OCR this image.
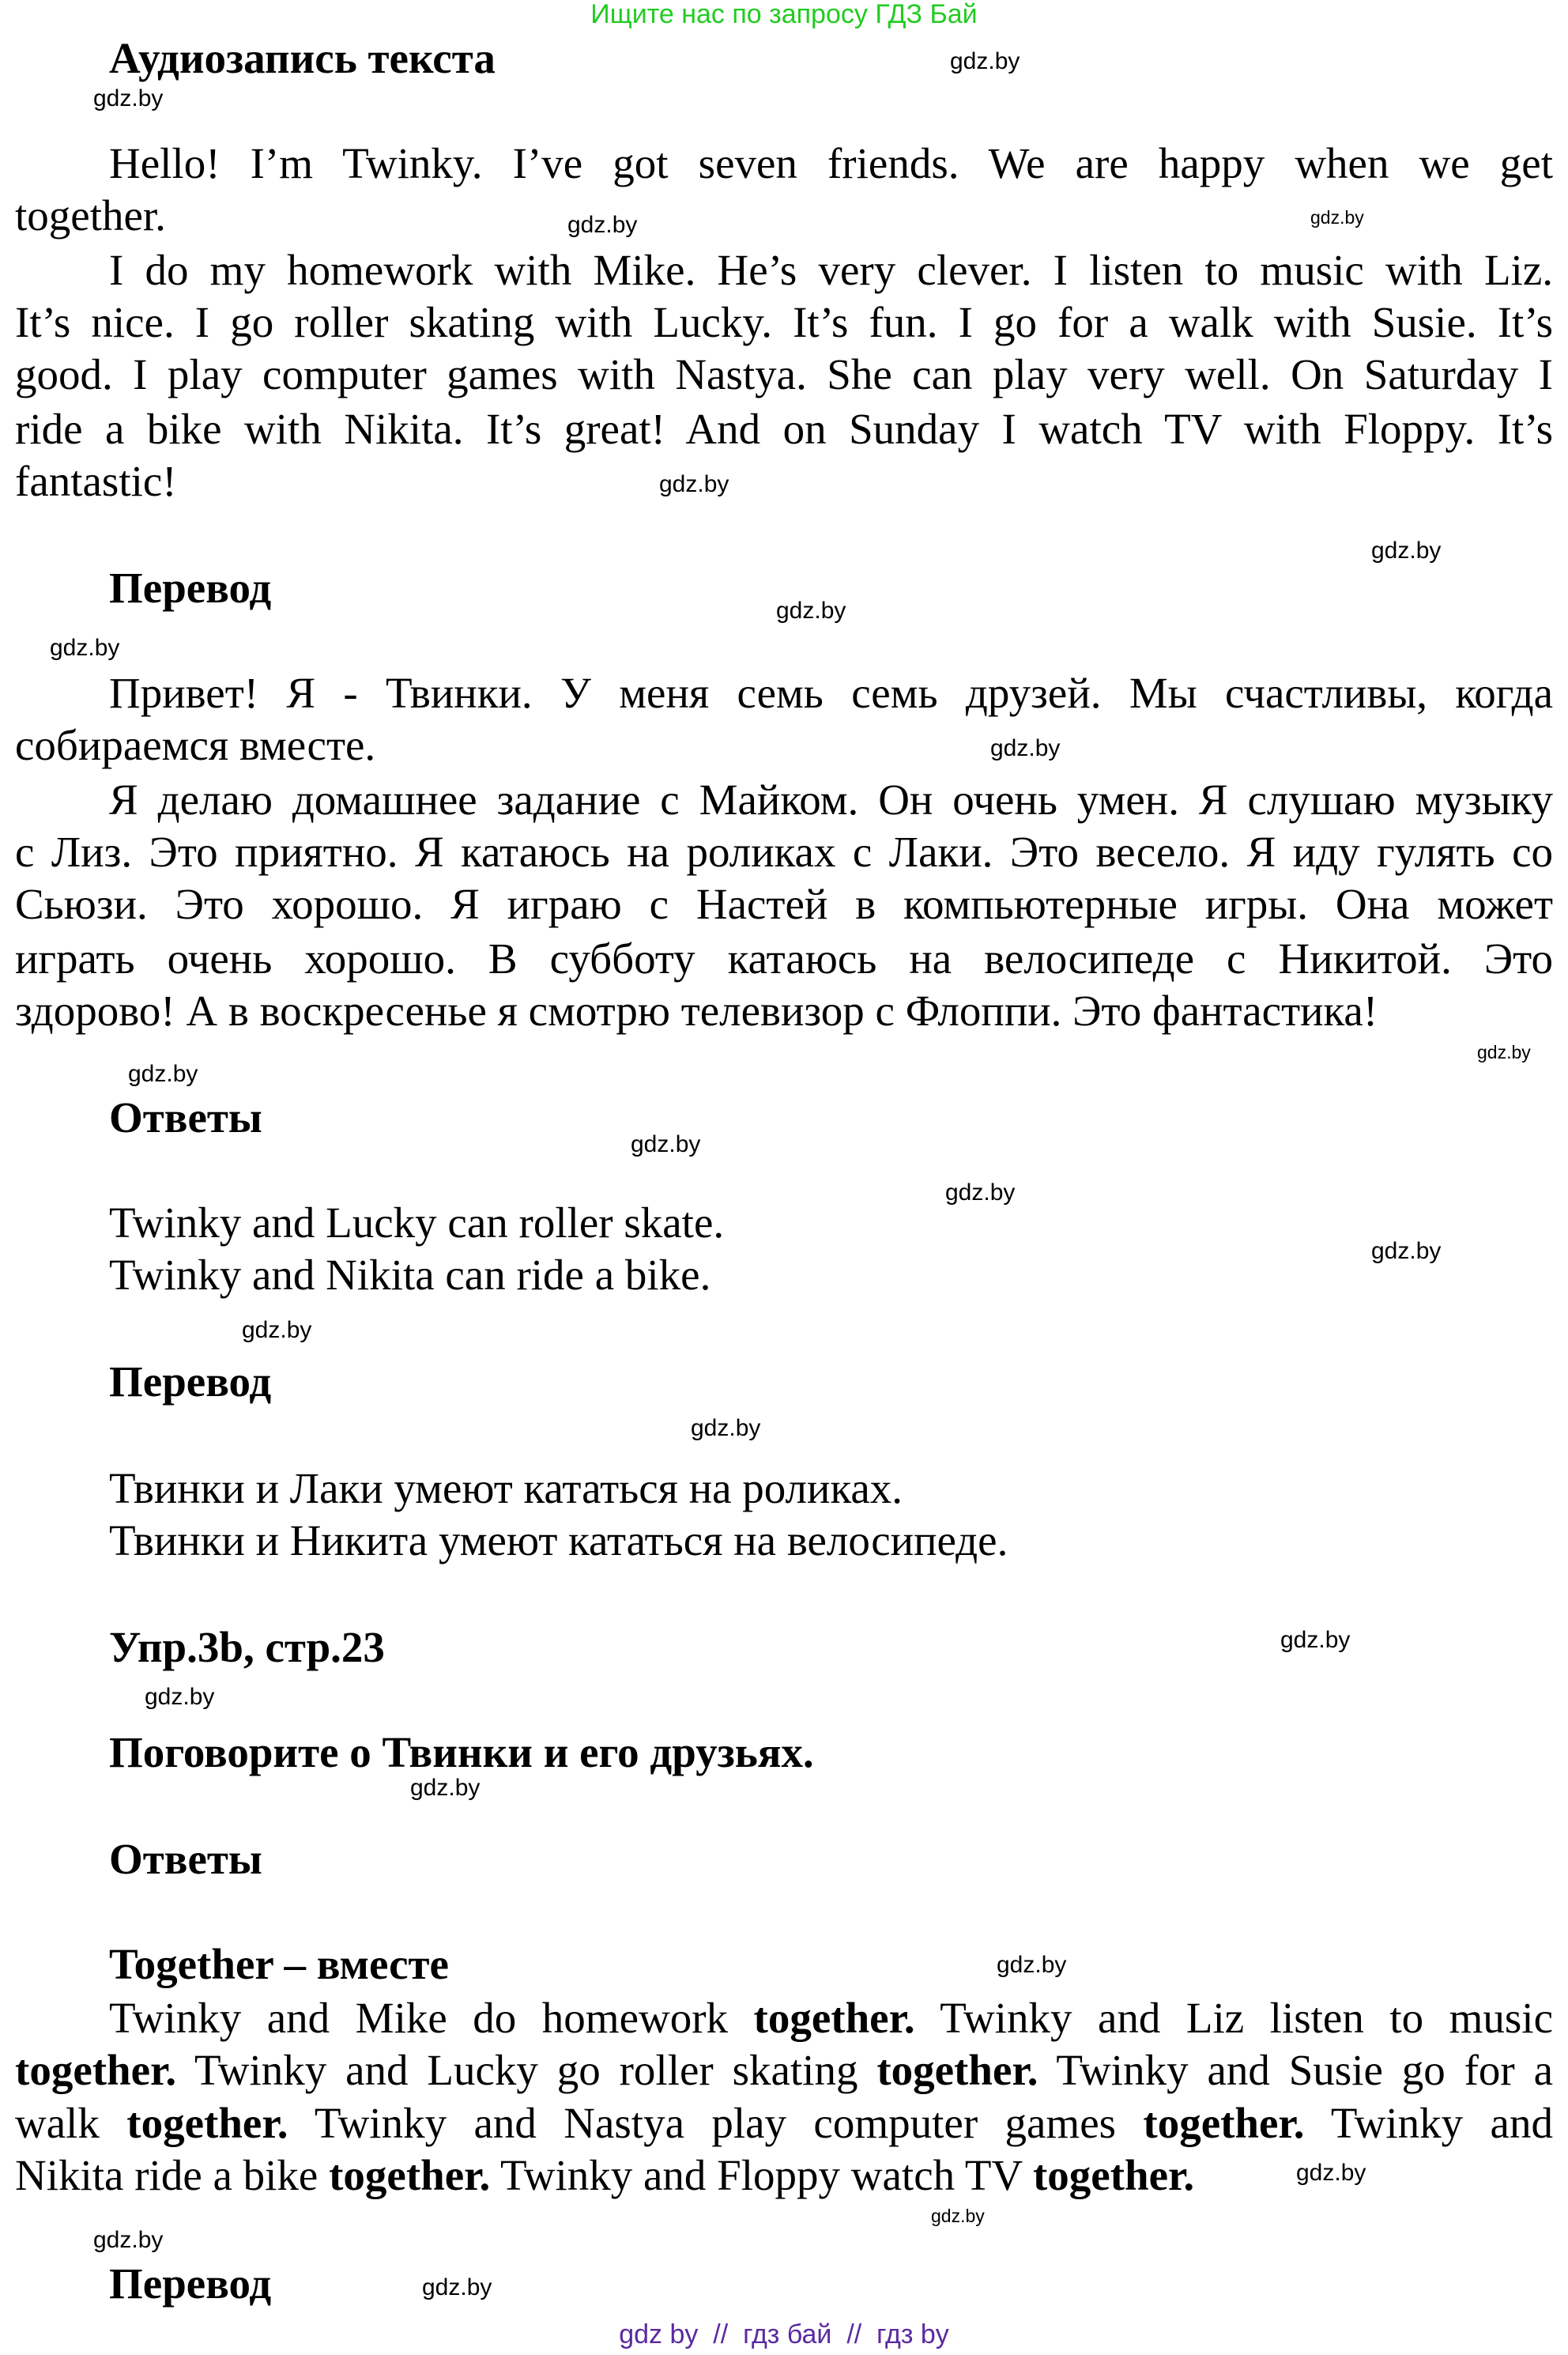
Ищите нас по запросу ГДЗ Бай
Аудиозапись текста
Hello! I’m Twinky. I’ve got seven friends. We are happy when we get
together.
I do my homework with Mike. He’s very clever. I listen to music with Liz.
It’s nice. I go roller skating with Lucky. It’s fun. I go for a walk with Susie. It’s
good. I play computer games with Nastya. She can play very well. On Saturday I
ride a bike with Nikita. It’s great! And on Sunday I watch TV with Floppy. It’s
fantastic!
Перевод
Привет! Я - Твинки. У меня семь семь друзей. Мы счастливы, когда
собираемся вместе.
Я делаю домашнее задание с Майком. Он очень умен. Я слушаю музыку
с Лиз. Это приятно. Я катаюсь на роликах с Лаки. Это весело. Я иду гулять со
Сьюзи. Это хорошо. Я играю с Настей в компьютерные игры. Она может
играть очень хорошо. В субботу катаюсь на велосипеде с Никитой. Это
здорово! А в воскресенье я смотрю телевизор с Флоппи. Это фантастика!
Ответы
Twinky and Lucky can roller skate.
Twinky and Nikita can ride a bike.
Перевод
Твинки и Лаки умеют кататься на роликах.
Твинки и Никита умеют кататься на велосипеде.
Упр.3b, стр.23
Поговорите о Твинки и его друзьях.
Ответы
Together – вместе
Twinky and Mike do homework together. Twinky and Liz listen to music
together. Twinky and Lucky go roller skating together. Twinky and Susie go for a
walk together. Twinky and Nastya play computer games together. Twinky and
Nikita ride a bike together. Twinky and Floppy watch TV together.
Перевод
gdz.by
gdz.by
gdz.by
gdz.by
gdz.by
gdz.by
gdz.by
gdz.by
gdz.by
gdz.by
gdz.by
gdz.by
gdz.by
gdz.by
gdz.by
gdz.by
gdz.by
gdz.by
gdz.by
gdz.by
gdz.by
gdz.by
gdz.by
gdz.by
gdz by  //  гдз бай  //  гдз by
